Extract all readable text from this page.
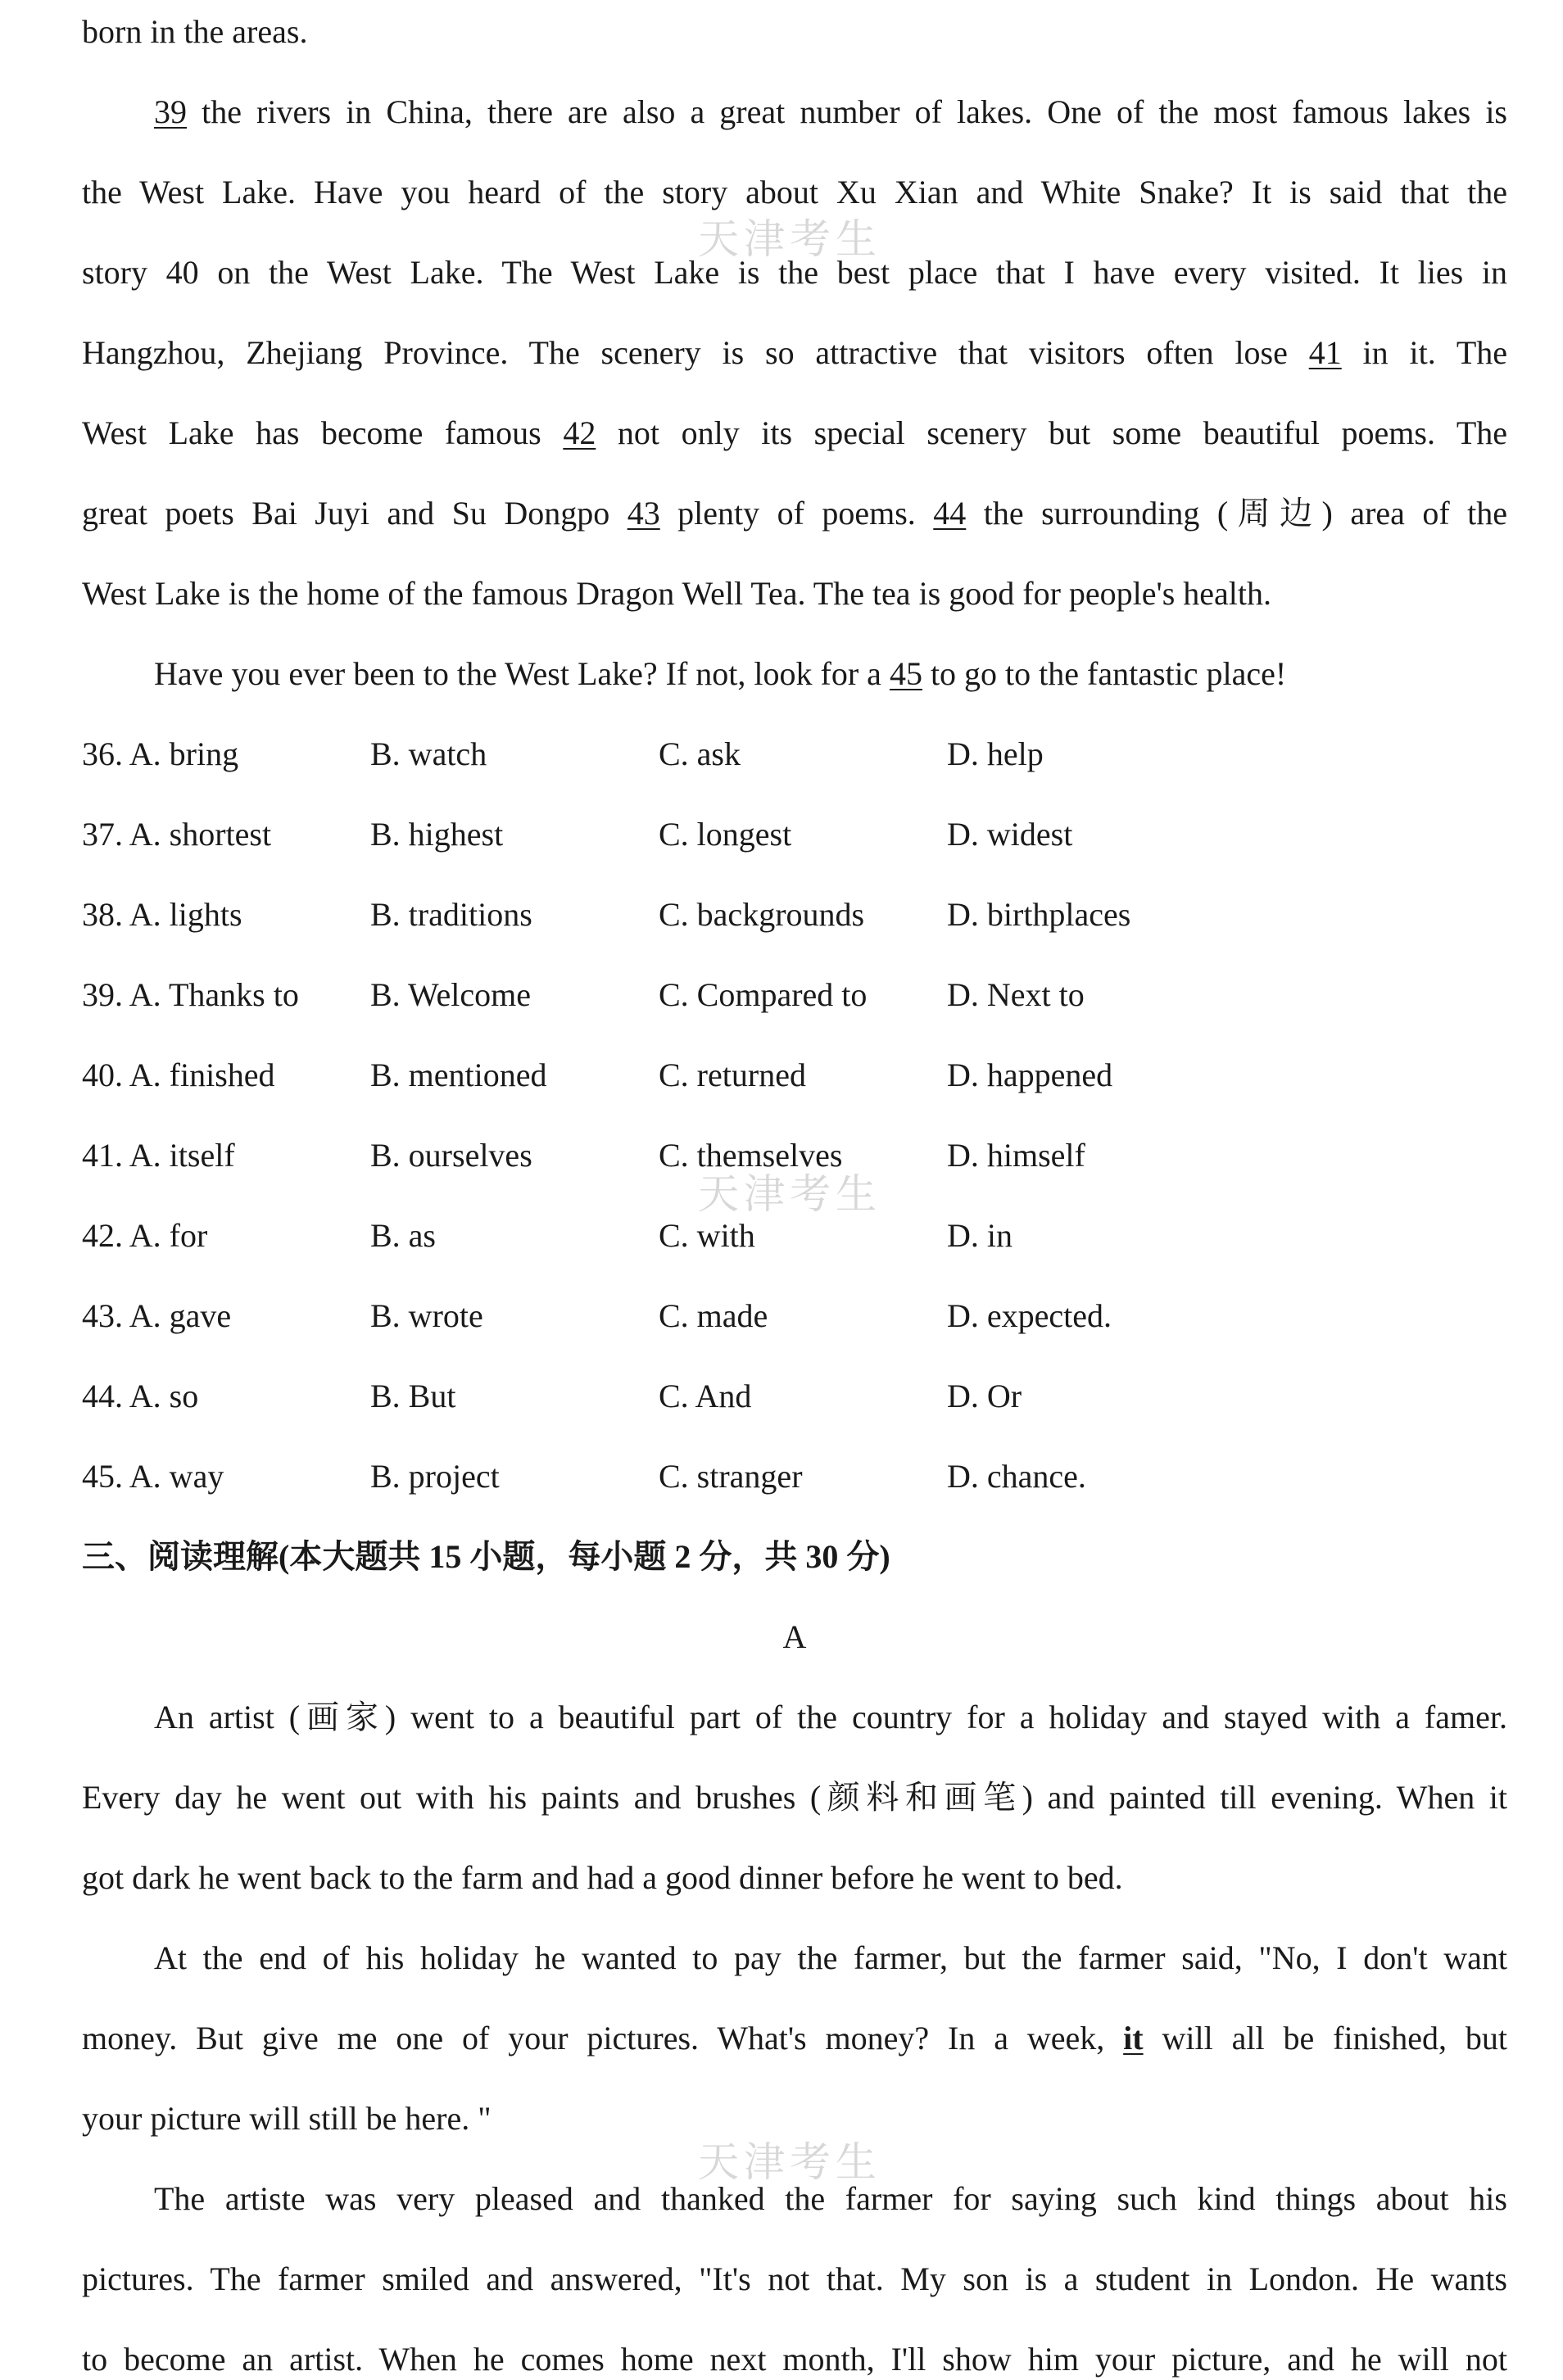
born in the areas.
39 the rivers in China, there are also a great number of lakes. One of the most famous lakes is
the West Lake. Have you heard of the story about Xu Xian and White Snake? It is said that the
story 40 on the West Lake. The West Lake is the best place that I have every visited. It lies in
Hangzhou, Zhejiang Province. The scenery is so attractive that visitors often lose 41 in it. The
West Lake has become famous 42 not only its special scenery but some beautiful poems. The
great poets Bai Juyi and Su Dongpo 43 plenty of poems. 44 the surrounding (周边) area of the
West Lake is the home of the famous Dragon Well Tea. The tea is good for people's health.
Have you ever been to the West Lake? If not, look for a 45 to go to the fantastic place!
36. A. bring	B. watch	C. ask	D. help
37. A. shortest	B. highest	C. longest	D. widest
38. A. lights	B. traditions	C. backgrounds	D. birthplaces
39. A. Thanks to B. Welcome	C. Compared to D. Next to
40. A. finished	B. mentioned	C. returned	D. happened
41. A. itself	B. ourselves	C. themselves	D. himself
42. A. for	B. as	C. with	D. in
43. A. gave	B. wrote	C. made	D. expected.
44. A. so	B. But	C. And	D. Or
45. A. way	B. project	C. stranger	D. chance.
三、阅读理解(本大题共 15 小题，每小题 2 分，共 30 分)
A
An artist (画家) went to a beautiful part of the country for a holiday and stayed with a famer.
Every day he went out with his paints and brushes (颜料和画笔) and painted till evening. When it
got dark he went back to the farm and had a good dinner before he went to bed.
At the end of his holiday he wanted to pay the farmer, but the farmer said, "No, I don't want
money. But give me one of your pictures. What's money? In a week, it will all be finished, but
your picture will still be here. "
The artiste was very pleased and thanked the farmer for saying such kind things about his
pictures. The farmer smiled and answered, "It's not that. My son is a student in London. He wants
to become an artist. When he comes home next month, I'll show him your picture, and he will not
天津考生
天津考生
天津考生
